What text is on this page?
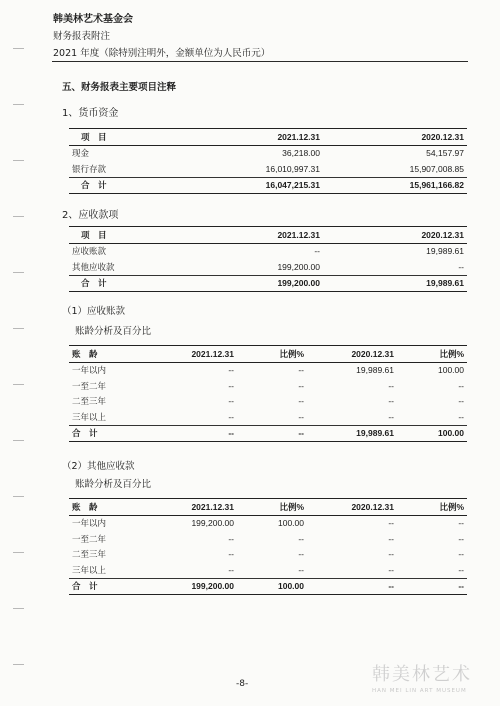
韩美林艺术基金会
财务报表附注
2021 年度（除特别注明外，金额单位为人民币元）
五、财务报表主要项目注释
1、货币资金
项　目	2021.12.31	2020.12.31
现金	36,218.00	54,157.97
银行存款	16,010,997.31	15,907,008.85
合　计	16,047,215.31	15,961,166.82
2、应收款项
项　目	2021.12.31	2020.12.31
应收账款	--	19,989.61
其他应收款	199,200.00	--
合　计	199,200.00	19,989.61
（1）应收账款
账龄分析及百分比
账　龄	2021.12.31	比例%	2020.12.31	比例%
一年以内	--	--	19,989.61	100.00
一至二年	--	--	--	--
二至三年	--	--	--	--
三年以上	--	--	--	--
合　计	--	--	19,989.61	100.00
（2）其他应收款
账龄分析及百分比
账　龄	2021.12.31	比例%	2020.12.31	比例%
一年以内	199,200.00	100.00	--	--
一至二年	--	--	--	--
二至三年	--	--	--	--
三年以上	--	--	--	--
合　计	199,200.00	100.00	--	--
-8-	韩美林艺术
HAN MEI LIN ART MUSEUM
